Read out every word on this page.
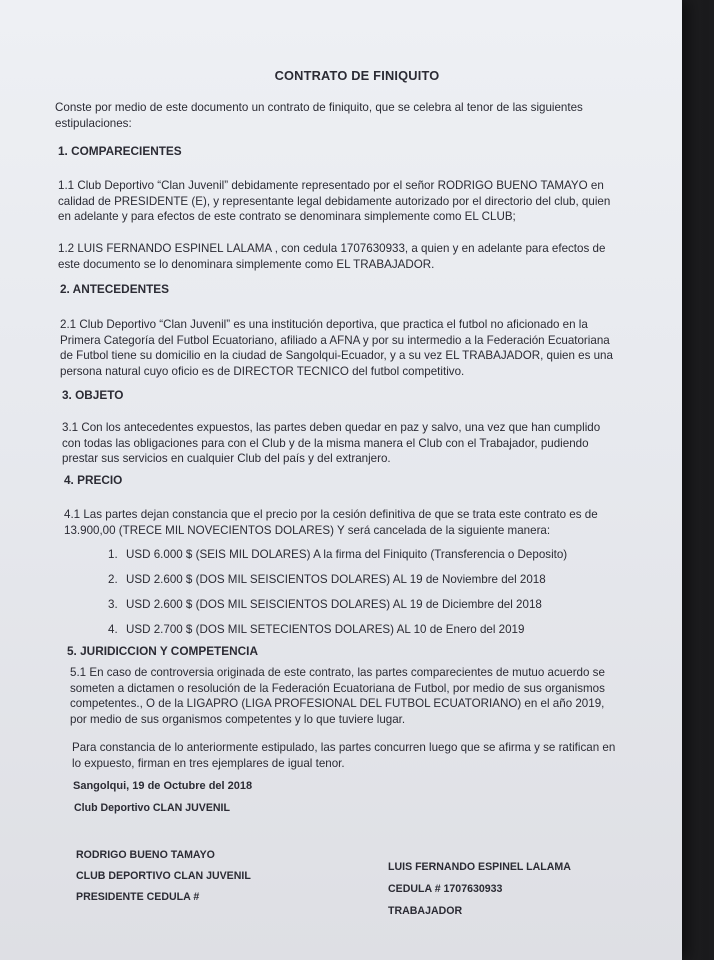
CONTRATO DE FINIQUITO
Conste por medio de este documento un contrato de finiquito, que se celebra al tenor de las siguientes estipulaciones:
1. COMPARECIENTES
1.1 Club Deportivo “Clan Juvenil” debidamente representado por el señor RODRIGO BUENO TAMAYO en calidad de PRESIDENTE (E), y representante legal debidamente autorizado por el directorio del club, quien en adelante y para efectos de este contrato se denominara simplemente como EL CLUB;
1.2 LUIS FERNANDO ESPINEL LALAMA , con cedula 1707630933, a quien y en adelante para efectos de este documento se lo denominara simplemente como EL TRABAJADOR.
2. ANTECEDENTES
2.1 Club Deportivo “Clan Juvenil” es una institución deportiva, que practica el futbol no aficionado en la Primera Categoría del Futbol Ecuatoriano, afiliado a AFNA y por su intermedio a la Federación Ecuatoriana de Futbol tiene su domicilio en la ciudad de Sangolqui-Ecuador, y a su vez EL TRABAJADOR, quien es una persona natural cuyo oficio es de DIRECTOR TECNICO del futbol competitivo.
3. OBJETO
3.1 Con los antecedentes expuestos, las partes deben quedar en paz y salvo, una vez que han cumplido con todas las obligaciones para con el Club y de la misma manera el Club con el Trabajador, pudiendo prestar sus servicios en cualquier Club del país y del extranjero.
4. PRECIO
4.1 Las partes dejan constancia que el precio por la cesión definitiva de que se trata este contrato es de 13.900,00 (TRECE MIL NOVECIENTOS DOLARES) Y será cancelada de la siguiente manera:
1. USD 6.000 $ (SEIS MIL DOLARES) A la firma del Finiquito (Transferencia o Deposito)
2. USD 2.600 $ (DOS MIL SEISCIENTOS DOLARES) AL 19 de Noviembre del 2018
3. USD 2.600 $ (DOS MIL SEISCIENTOS DOLARES) AL 19 de Diciembre del 2018
4. USD 2.700 $ (DOS MIL SETECIENTOS DOLARES) AL 10 de Enero del 2019
5. JURIDICCION Y COMPETENCIA
5.1 En caso de controversia originada de este contrato, las partes comparecientes de mutuo acuerdo se someten a dictamen o resolución de la Federación Ecuatoriana de Futbol, por medio de sus organismos competentes., O de la LIGAPRO (LIGA PROFESIONAL DEL FUTBOL ECUATORIANO) en el año 2019, por medio de sus organismos competentes y lo que tuviere lugar.
Para constancia de lo anteriormente estipulado, las partes concurren luego que se afirma y se ratifican en lo expuesto, firman en tres ejemplares de igual tenor.
Sangolqui, 19 de Octubre del 2018
Club Deportivo CLAN JUVENIL
RODRIGO BUENO TAMAYO
CLUB DEPORTIVO CLAN JUVENIL
PRESIDENTE CEDULA #
LUIS FERNANDO ESPINEL LALAMA
CEDULA # 1707630933
TRABAJADOR
